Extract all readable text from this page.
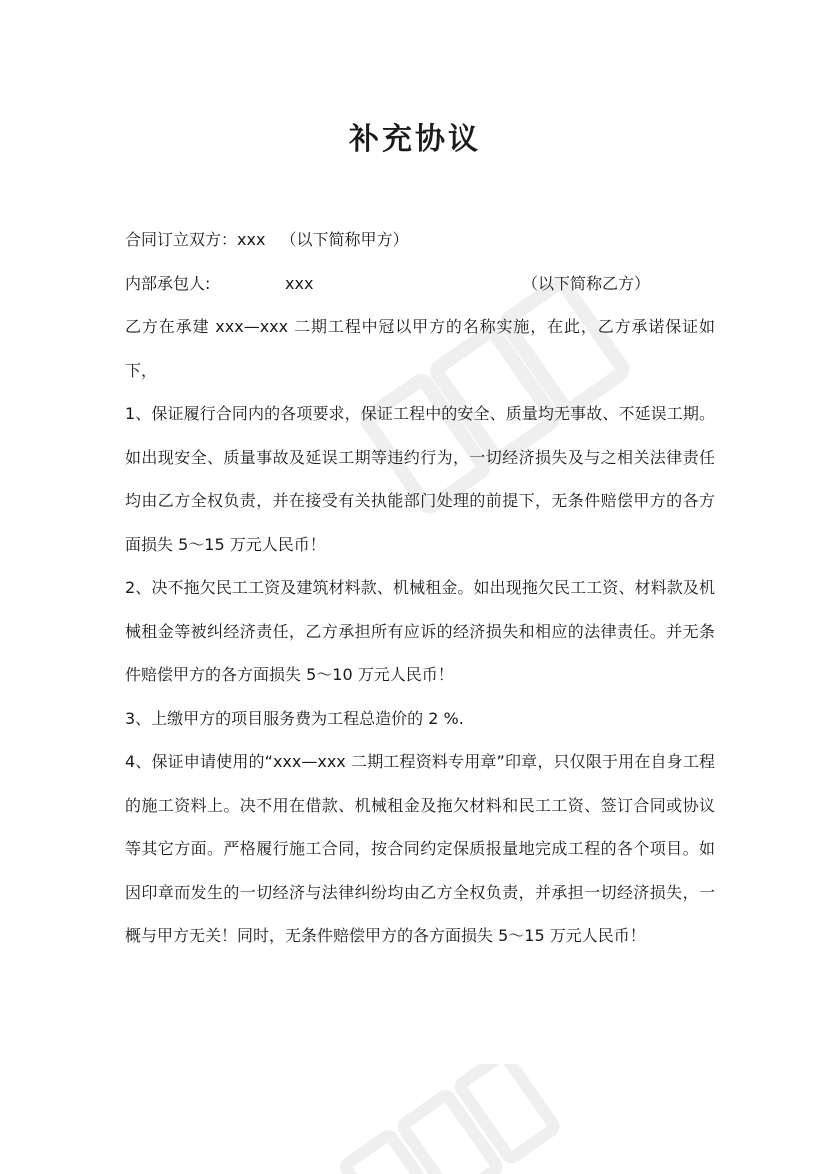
补充协议

合同订立双方：xxx （以下简称甲方）

内部承包人:	xxx	（以下简称乙方）

乙方在承建 xxx—xxx 二期工程中冠以甲方的名称实施，在此，乙方承诺保证如下，

1、保证履行合同内的各项要求，保证工程中的安全、质量均无事故、不延误工期。如出现安全、质量事故及延误工期等违约行为，一切经济损失及与之相关法律责任均由乙方全权负责，并在接受有关执能部门处理的前提下，无条件赔偿甲方的各方面损失 5～15 万元人民币！

2、决不拖欠民工工资及建筑材料款、机械租金。如出现拖欠民工工资、材料款及机械租金等被纠经济责任，乙方承担所有应诉的经济损失和相应的法律责任。并无条件赔偿甲方的各方面损失 5～10 万元人民币！

3、上缴甲方的项目服务费为工程总造价的 2 %.

4、保证申请使用的“xxx—xxx 二期工程资料专用章”印章，只仅限于用在自身工程的施工资料上。决不用在借款、机械租金及拖欠材料和民工工资、签订合同或协议等其它方面。严格履行施工合同，按合同约定保质报量地完成工程的各个项目。如因印章而发生的一切经济与法律纠纷均由乙方全权负责，并承担一切经济损失，一概与甲方无关！同时，无条件赔偿甲方的各方面损失 5～15 万元人民币！
